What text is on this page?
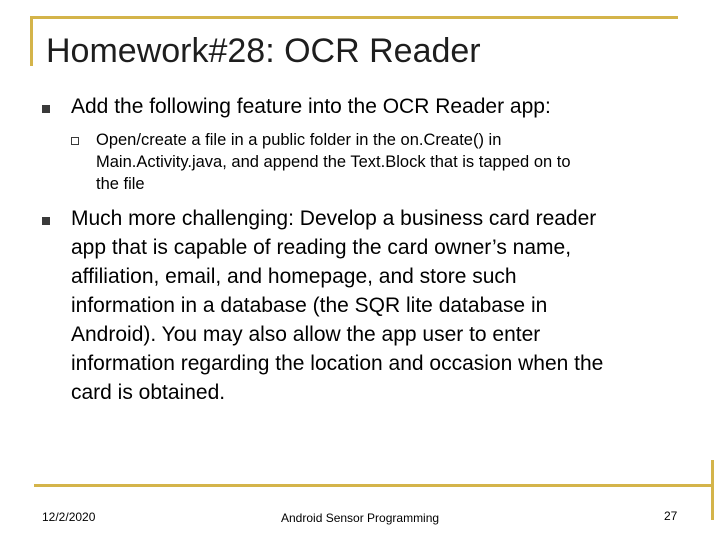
Homework#28: OCR Reader
Add the following feature into the OCR Reader app:
Open/create a file in a public folder in the on.Create() in
Main.Activity.java, and append the Text.Block that is tapped on to
the file
Much more challenging: Develop a business card reader
app that is capable of reading the card owner’s name,
affiliation, email, and homepage, and store such
information in a database (the SQR lite database in
Android). You may also allow the app user to enter
information regarding the location and occasion when the
card is obtained.
12/2/2020	Android Sensor Programming	27
